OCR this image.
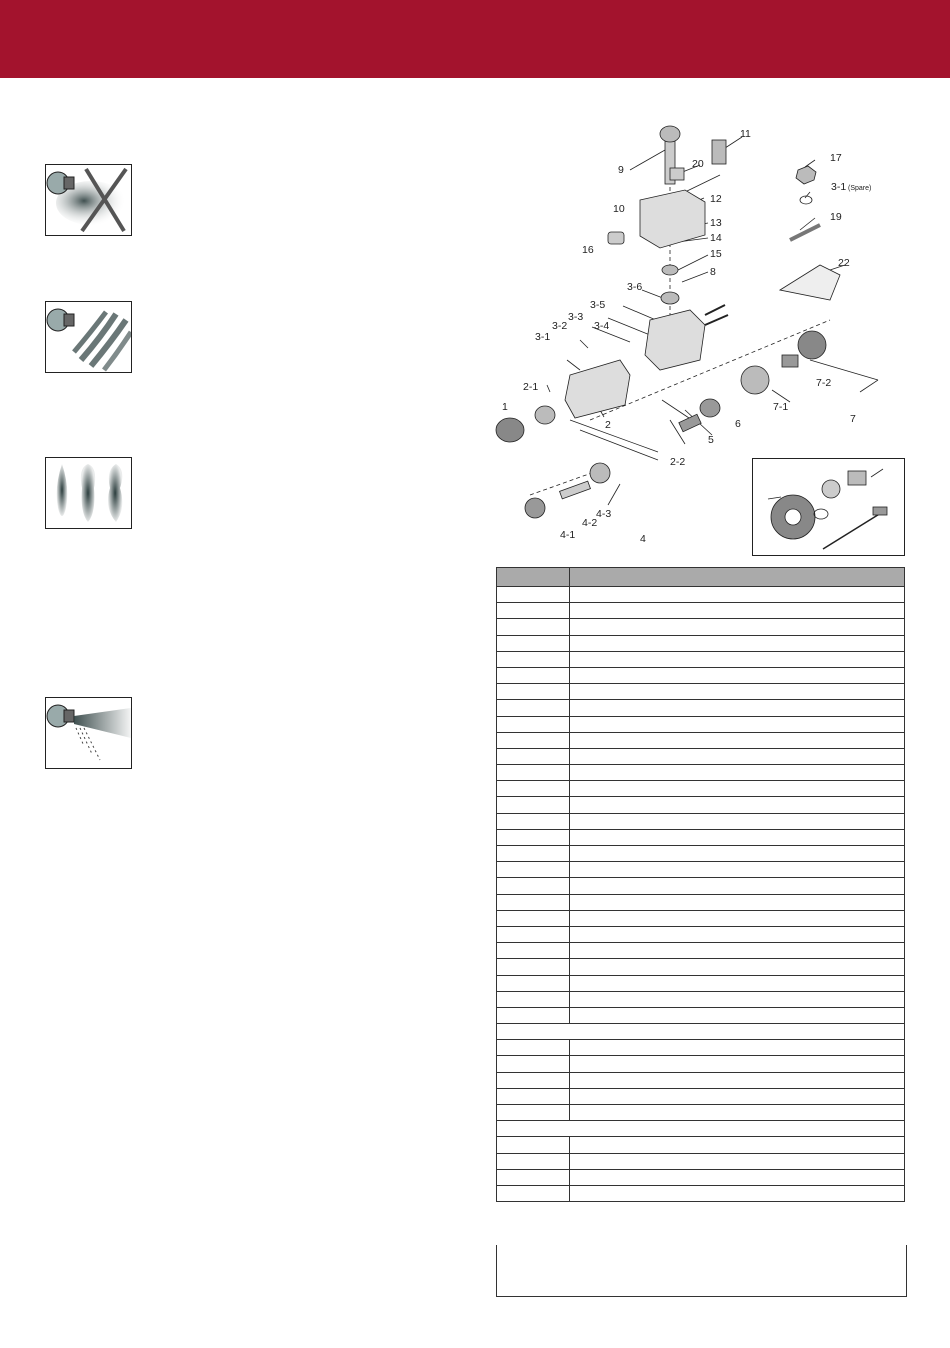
11
9	20
10
12
13
14
15
8
16
3-6
3-5
3-4
3-3
3-2
3-1
2-1
1
2
2-2
5
6	7
7-1
7-2
4-3
4-2
4-1	4
17
3-1 (Spare)
19
22
